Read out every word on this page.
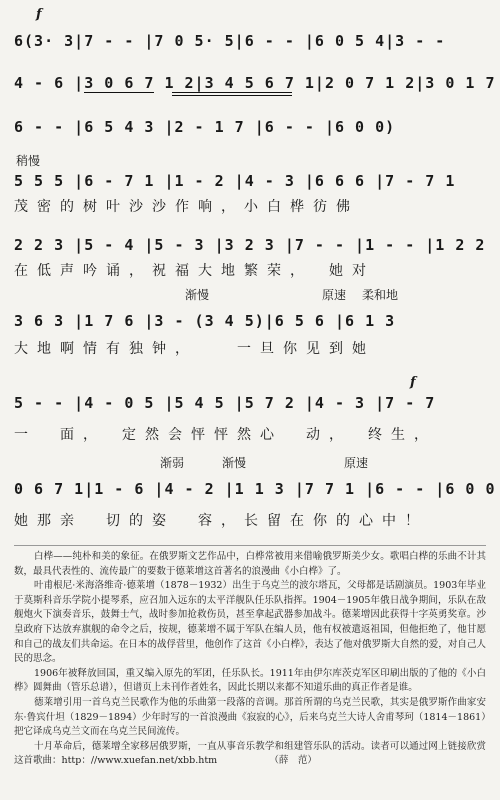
f
6(3· 3|7 - - |7 0 5· 5|6 - - |6 0 5 4|3 - -
4 - 6 |3 0 6 7 1 2|3 4 5 6 7 1|2 0 7 1 2|3 0 1 7
6 - - |6 5 4 3 |2 - 1 7 |6 - - |6 0 0)
稍慢
5 5 5 |6 - 7 1 |1 - 2 |4 - 3 |6 6 6 |7 - 7 1
茂密的树叶沙沙作响，小白桦彷佛
2 2 3 |5 - 4 |5 - 3 |3 2 3 |7 - - |1 - - |1 2 2
在低声吟诵，祝福大地繁荣，　她对
渐慢	原速 柔和地
3 6 3 |1 7 6 |3 - (3 4 5)|6 5 6 |6 1 3
大地啊情有独钟，　　一旦你见到她
f
5 - - |4 - 0 5 |5 4 5 |5 7 2 |4 - 3 |7 - 7
一　面，　定然会怦怦然心　动，　终生，
渐弱	渐慢	原速
0 6 7 1|1 - 6 |4 - 2 |1 1 3 |7 7 1 |6 - - |6 0 0
她那亲　切的姿　容，长留在你的心中！

白桦——纯朴和美的象征。在俄罗斯文艺作品中，白桦常被用来借喻俄罗斯美少女。歌唱白桦的乐曲不计其数，最具代表性的、流传最广的要数于德莱增这首著名的浪漫曲《小白桦》了。

叶甫根尼·米海洛维奇·德莱增（1878－1932）出生于乌克兰的波尔塔瓦，父母都是话剧演员。1903年毕业于莫斯科音乐学院小提琴系，应召加入远东的太平洋舰队任乐队指挥。1904－1905年俄日战争期间，乐队在敌舰炮火下演奏音乐，鼓舞士气，战时参加抢救伤员，甚至拿起武器参加战斗。德莱增因此获得十字英勇奖章。沙皇政府下达放弃旗舰的命令之后，按规，德莱增不属于军队在编人员，他有权被遣返祖国，但他拒绝了，他甘愿和自己的战友们共命运。在日本的战俘营里，他创作了这首《小白桦》，表达了他对俄罗斯大自然的爱，对自己人民的思念。

1906年被释放回国，重又编入原先的军团，任乐队长。1911年由伊尔库茨克军区印刷出版的了他的《小白桦》圆舞曲（管乐总谱），但谱页上未刊作者姓名，因此长期以来都不知道乐曲的真正作者是谁。

德莱增引用一首乌克兰民歌作为他的乐曲第一段落的音调。那首所谓的乌克兰民歌，其实是俄罗斯作曲家安东·鲁宾什坦（1829－1894）少年时写的一首浪漫曲《寂寂的心》，后来乌克兰大诗人舍甫琴珂（1814－1861）把它译成乌克兰文而在乌克兰民间流传。

十月革命后，德莱增全家移居俄罗斯，一直从事音乐教学和组建管乐队的活动。读者可以通过网上链接欣赏这首歌曲：http：//www.xuefan.net/xbb.htm　　　　　　（薛　范）
